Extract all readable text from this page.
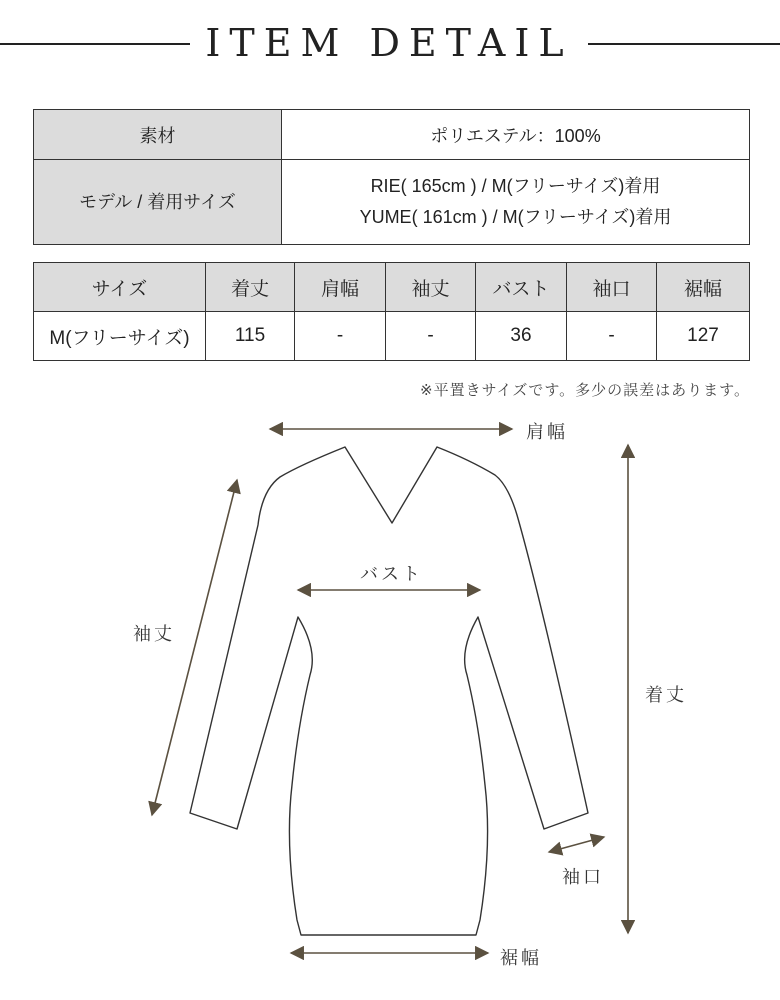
ITEM DETAIL
素材	ポリエステル：100%
モデル / 着用サイズ	RIE( 165cm ) / M(フリーサイズ)着用
YUME( 161cm ) / M(フリーサイズ)着用
サイズ	着丈	肩幅	袖丈	バスト	袖口	裾幅
M(フリーサイズ)	115	-	-	36	-	127
※平置きサイズです。多少の誤差はあります。
肩幅
バスト
袖丈
着丈
袖口
裾幅
